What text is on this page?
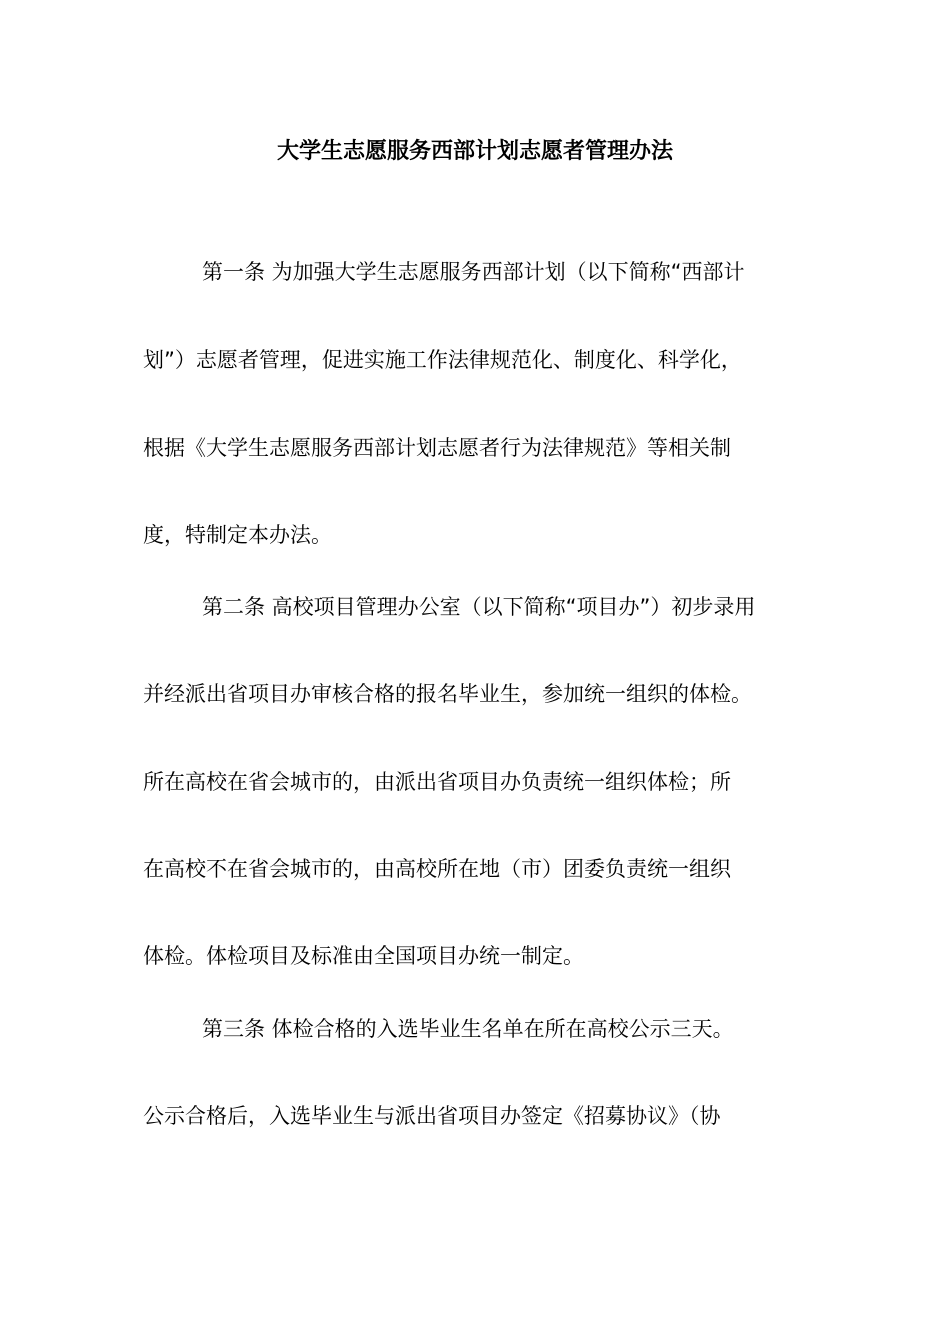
大学生志愿服务西部计划志愿者管理办法
第一条 为加强大学生志愿服务西部计划（以下简称“西部计
划”）志愿者管理，促进实施工作法律规范化、制度化、科学化，
根据《大学生志愿服务西部计划志愿者行为法律规范》等相关制
度，特制定本办法。
第二条 高校项目管理办公室（以下简称“项目办”）初步录用
并经派出省项目办审核合格的报名毕业生，参加统一组织的体检。
所在高校在省会城市的，由派出省项目办负责统一组织体检；所
在高校不在省会城市的，由高校所在地（市）团委负责统一组织
体检。体检项目及标准由全国项目办统一制定。
第三条 体检合格的入选毕业生名单在所在高校公示三天。
公示合格后，入选毕业生与派出省项目办签定《招募协议》（协
